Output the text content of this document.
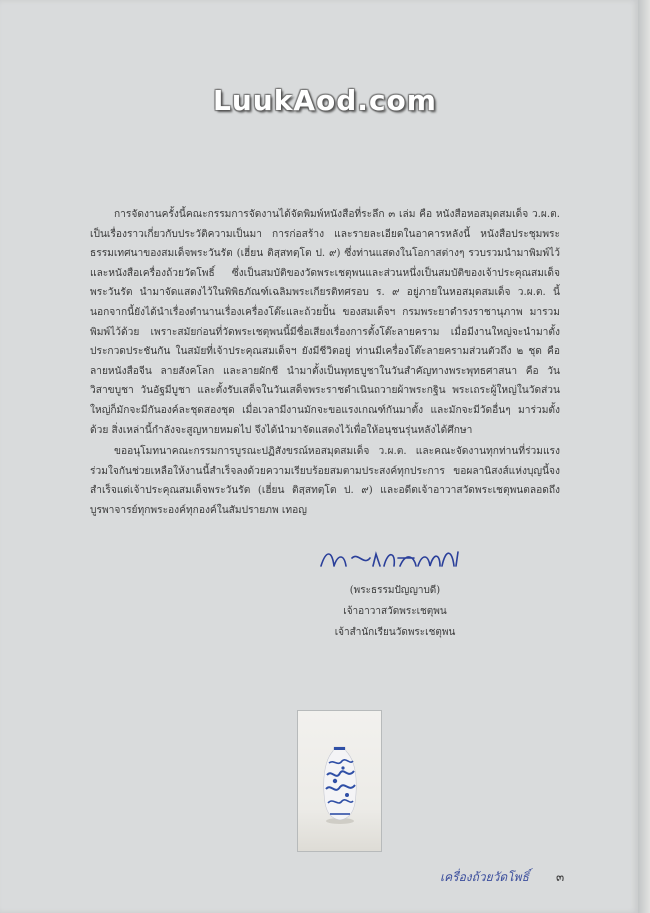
LuukAod.com

การจัดงานครั้งนี้คณะกรรมการจัดงานได้จัดพิมพ์หนังสือที่ระลึก ๓ เล่ม คือ หนังสือหอสมุดสมเด็จ ว.ผ.ต. เป็นเรื่องราวเกี่ยวกับประวัติความเป็นมา การก่อสร้าง และรายละเอียดในอาคารหลังนี้ หนังสือประชุมพระธรรมเทศนาของสมเด็จพระวันรัต (เฮี่ยน ติสฺสทตฺโต ป. ๙) ซึ่งท่านแสดงในโอกาสต่างๆ รวบรวมนำมาพิมพ์ไว้ และหนังสือเครื่องถ้วยวัดโพธิ์ ซึ่งเป็นสมบัติของวัดพระเชตุพนและส่วนหนึ่งเป็นสมบัติของเจ้าประคุณสมเด็จพระวันรัต นำมาจัดแสดงไว้ในพิพิธภัณฑ์เฉลิมพระเกียรติทศรอบ ร. ๙ อยู่ภายในหอสมุดสมเด็จ ว.ผ.ต. นี้ นอกจากนี้ยังได้นำเรื่องตำนานเรื่องเครื่องโต๊ะและถ้วยปั้น ของสมเด็จฯ กรมพระยาดำรงราชานุภาพ มารวมพิมพ์ไว้ด้วย เพราะสมัยก่อนที่วัดพระเชตุพนนี้มีชื่อเสียงเรื่องการตั้งโต๊ะลายคราม เมื่อมีงานใหญ่จะนำมาตั้งประกวดประชันกัน ในสมัยที่เจ้าประคุณสมเด็จฯ ยังมีชีวิตอยู่ ท่านมีเครื่องโต๊ะลายครามส่วนตัวถึง ๒ ชุด คือ ลายหนังสือจีน ลายสังคโลก และลายผักชี นำมาตั้งเป็นพุทธบูชาในวันสำคัญทางพระพุทธศาสนา คือ วันวิสาขบูชา วันอัฐมีบูชา และตั้งรับเสด็จในวันเสด็จพระราชดำเนินถวายผ้าพระกฐิน พระเถระผู้ใหญ่ในวัดส่วนใหญ่ก็มักจะมีกันองค์ละชุดสองชุด เมื่อเวลามีงานมักจะขอแรงเกณฑ์กันมาตั้ง และมักจะมีวัดอื่นๆ มาร่วมตั้งด้วย สิ่งเหล่านี้กำลังจะสูญหายหมดไป จึงได้นำมาจัดแสดงไว้เพื่อให้อนุชนรุ่นหลังได้ศึกษา

ขออนุโมทนาคณะกรรมการบูรณะปฏิสังขรณ์หอสมุดสมเด็จ ว.ผ.ต. และคณะจัดงานทุกท่านที่ร่วมแรงร่วมใจกันช่วยเหลือให้งานนี้สำเร็จลงด้วยความเรียบร้อยสมตามประสงค์ทุกประการ ขอผลานิสงส์แห่งบุญนี้จงสำเร็จแด่เจ้าประคุณสมเด็จพระวันรัต (เฮี่ยน ติสฺสทตฺโต ป. ๙) และอดีตเจ้าอาวาสวัดพระเชตุพนตลอดถึงบูรพาจารย์ทุกพระองค์ทุกองค์ในสัมปรายภพ เทอญ

(พระธรรมปัญญาบดี)
เจ้าอาวาสวัดพระเชตุพน
เจ้าสำนักเรียนวัดพระเชตุพน
เครื่องถ้วยวัดโพธิ์ ๓
